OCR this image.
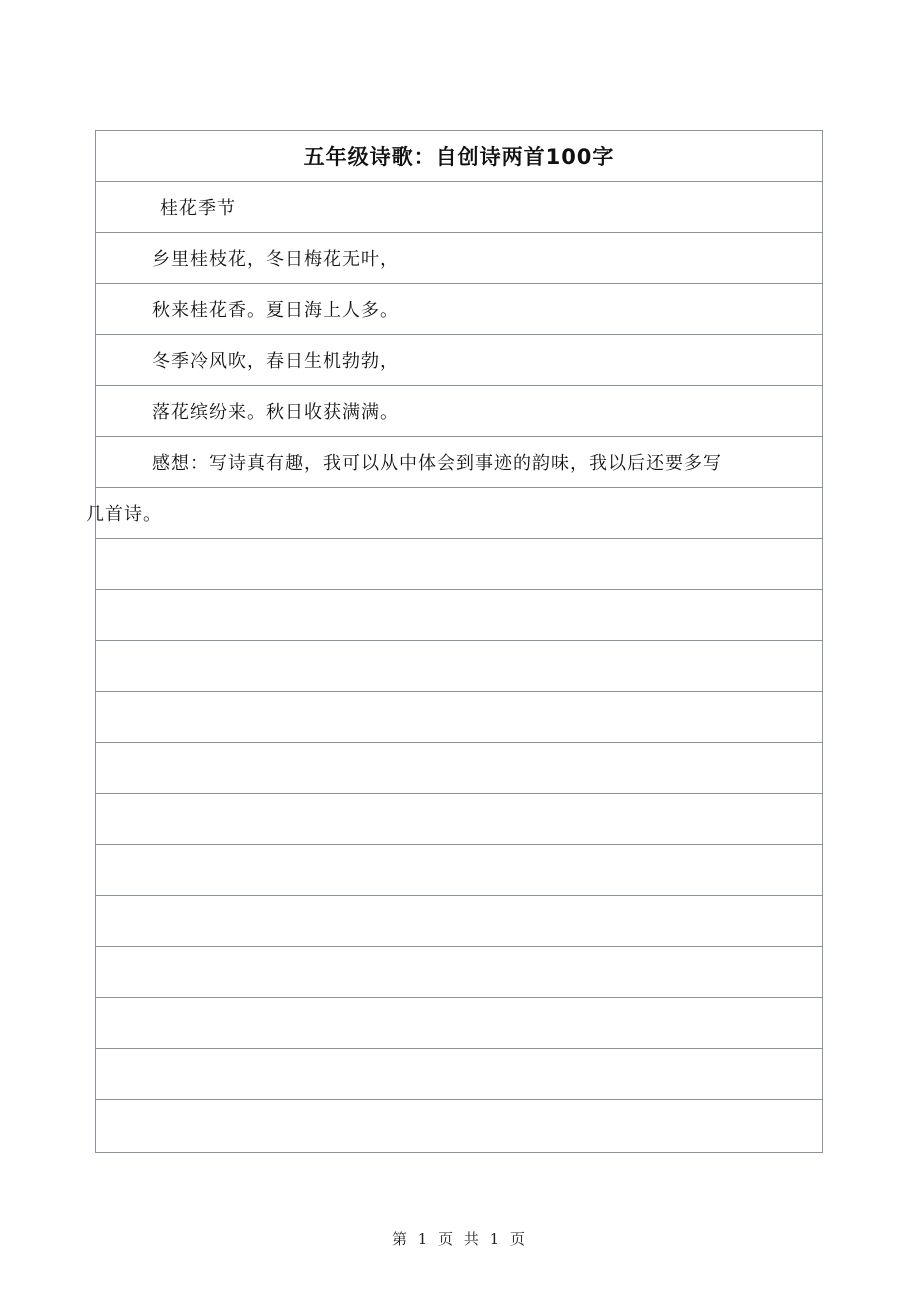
五年级诗歌：自创诗两首100字
桂花季节
乡里桂枝花，冬日梅花无叶，
秋来桂花香。夏日海上人多。
冬季冷风吹，春日生机勃勃，
落花缤纷来。秋日收获满满。
感想：写诗真有趣，我可以从中体会到事迹的韵味，我以后还要多写
几首诗。
第 1 页 共 1 页
